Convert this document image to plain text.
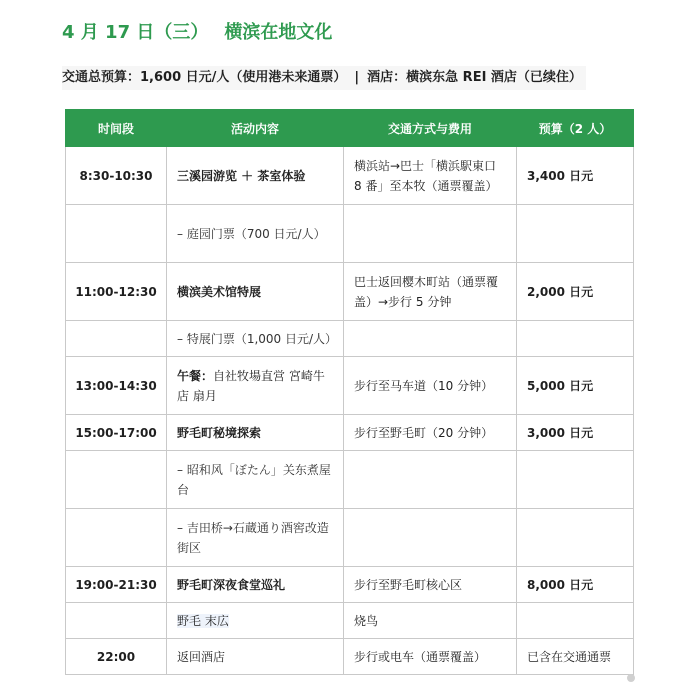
4 月 17 日（三） 横滨在地文化
交通总预算：1,600 日元/人（使用港未来通票） | 酒店：横滨东急 REI 酒店（已续住）
时间段	活动内容	交通方式与费用	预算（2 人）
8:30-10:30	三溪园游览 ＋ 茶室体验	横浜站→巴士「横浜駅東口 8 番」至本牧（通票覆盖）	3,400 日元
	– 庭园门票（700 日元/人）		
11:00-12:30	横滨美术馆特展	巴士返回樱木町站（通票覆盖）→步行 5 分钟	2,000 日元
	– 特展门票（1,000 日元/人）		
13:00-14:30	午餐：自社牧場直営 宮崎牛店 扇月	步行至马车道（10 分钟）	5,000 日元
15:00-17:00	野毛町秘境探索	步行至野毛町（20 分钟）	3,000 日元
	– 昭和风「ぼたん」关东煮屋台		
	– 吉田桥→石蔵通り酒窖改造街区		
19:00-21:30	野毛町深夜食堂巡礼	步行至野毛町核心区	8,000 日元
	野毛 末広	烧鸟	
22:00	返回酒店	步行或电车（通票覆盖）	已含在交通通票
